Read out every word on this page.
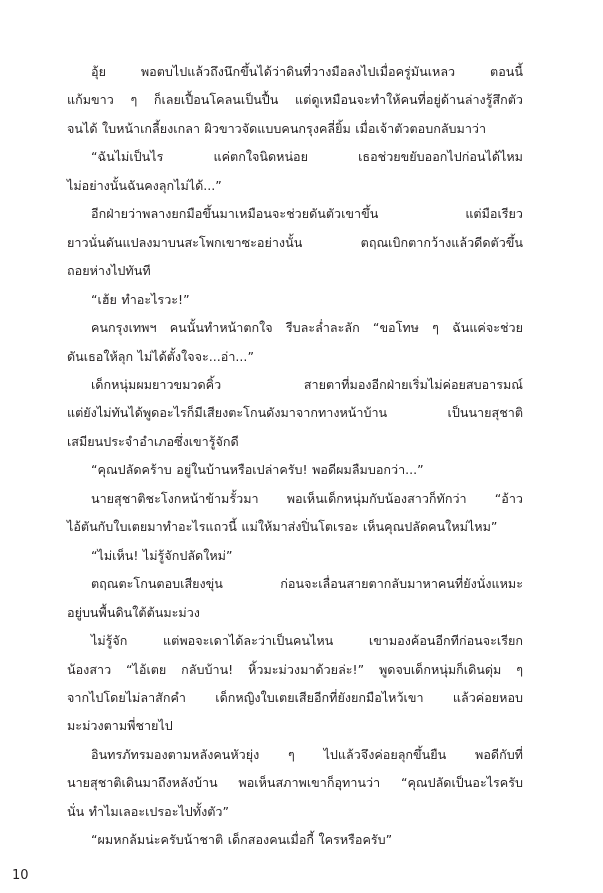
อุ้ย พอตบไปแล้วถึงนึกขึ้นได้ว่าดินที่วางมือลงไปเมื่อครู่มันเหลว ตอนนี้
แก้มขาว ๆ ก็เลยเปื้อนโคลนเป็นปื้น แต่ดูเหมือนจะทำให้คนที่อยู่ด้านล่างรู้สึกตัว
จนได้ ใบหน้าเกลี้ยงเกลา ผิวขาวจัดแบบคนกรุงคลี่ยิ้ม เมื่อเจ้าตัวตอบกลับมาว่า
“ฉันไม่เป็นไร แค่ตกใจนิดหน่อย เธอช่วยขยับออกไปก่อนได้ไหม
ไม่อย่างนั้นฉันคงลุกไม่ได้...”
อีกฝ่ายว่าพลางยกมือขึ้นมาเหมือนจะช่วยดันตัวเขาขึ้น แต่มือเรียว
ยาวนั่นดันแปลงมาบนสะโพกเขาซะอย่างนั้น ตฤณเบิกตากว้างแล้วดีดตัวขึ้น
ถอยห่างไปทันที
“เฮ้ย ทำอะไรวะ!”
คนกรุงเทพฯ คนนั้นทำหน้าตกใจ รีบละล่ำละลัก “ขอโทษ ๆ ฉันแค่จะช่วย
ดันเธอให้ลุก ไม่ได้ตั้งใจจะ...อ่า...”
เด็กหนุ่มผมยาวขมวดคิ้ว สายตาที่มองอีกฝ่ายเริ่มไม่ค่อยสบอารมณ์
แต่ยังไม่ทันได้พูดอะไรก็มีเสียงตะโกนดังมาจากทางหน้าบ้าน เป็นนายสุชาติ
เสมียนประจำอำเภอซึ่งเขารู้จักดี
“คุณปลัดคร้าบ อยู่ในบ้านหรือเปล่าครับ! พอดีผมลืมบอกว่า...”
นายสุชาติชะโงกหน้าข้ามรั้วมา พอเห็นเด็กหนุ่มกับน้องสาวก็ทักว่า “อ้าว
ไอ้ตันกับใบเตยมาทำอะไรแถวนี้ แม่ให้มาส่งปิ่นโตเรอะ เห็นคุณปลัดคนใหม่ไหม”
“ไม่เห็น! ไม่รู้จักปลัดใหม่”
ตฤณตะโกนตอบเสียงขุ่น ก่อนจะเลื่อนสายตากลับมาหาคนที่ยังนั่งแหมะ
อยู่บนพื้นดินใต้ต้นมะม่วง
ไม่รู้จัก แต่พอจะเดาได้ละว่าเป็นคนไหน เขามองค้อนอีกทีก่อนจะเรียก
น้องสาว “ไอ้เตย กลับบ้าน! หิ้วมะม่วงมาด้วยล่ะ!” พูดจบเด็กหนุ่มก็เดินดุ่ม ๆ
จากไปโดยไม่ลาสักคำ เด็กหญิงใบเตยเสียอีกที่ยังยกมือไหว้เขา แล้วค่อยหอบ
มะม่วงตามพี่ชายไป
อินทรภัทรมองตามหลังคนหัวยุ่ง ๆ ไปแล้วจึงค่อยลุกขึ้นยืน พอดีกับที่
นายสุชาติเดินมาถึงหลังบ้าน พอเห็นสภาพเขาก็อุทานว่า “คุณปลัดเป็นอะไรครับ
นั่น ทำไมเลอะเปรอะไปทั้งตัว”
“ผมหกล้มน่ะครับน้าชาติ เด็กสองคนเมื่อกี้ ใครหรือครับ”
10
